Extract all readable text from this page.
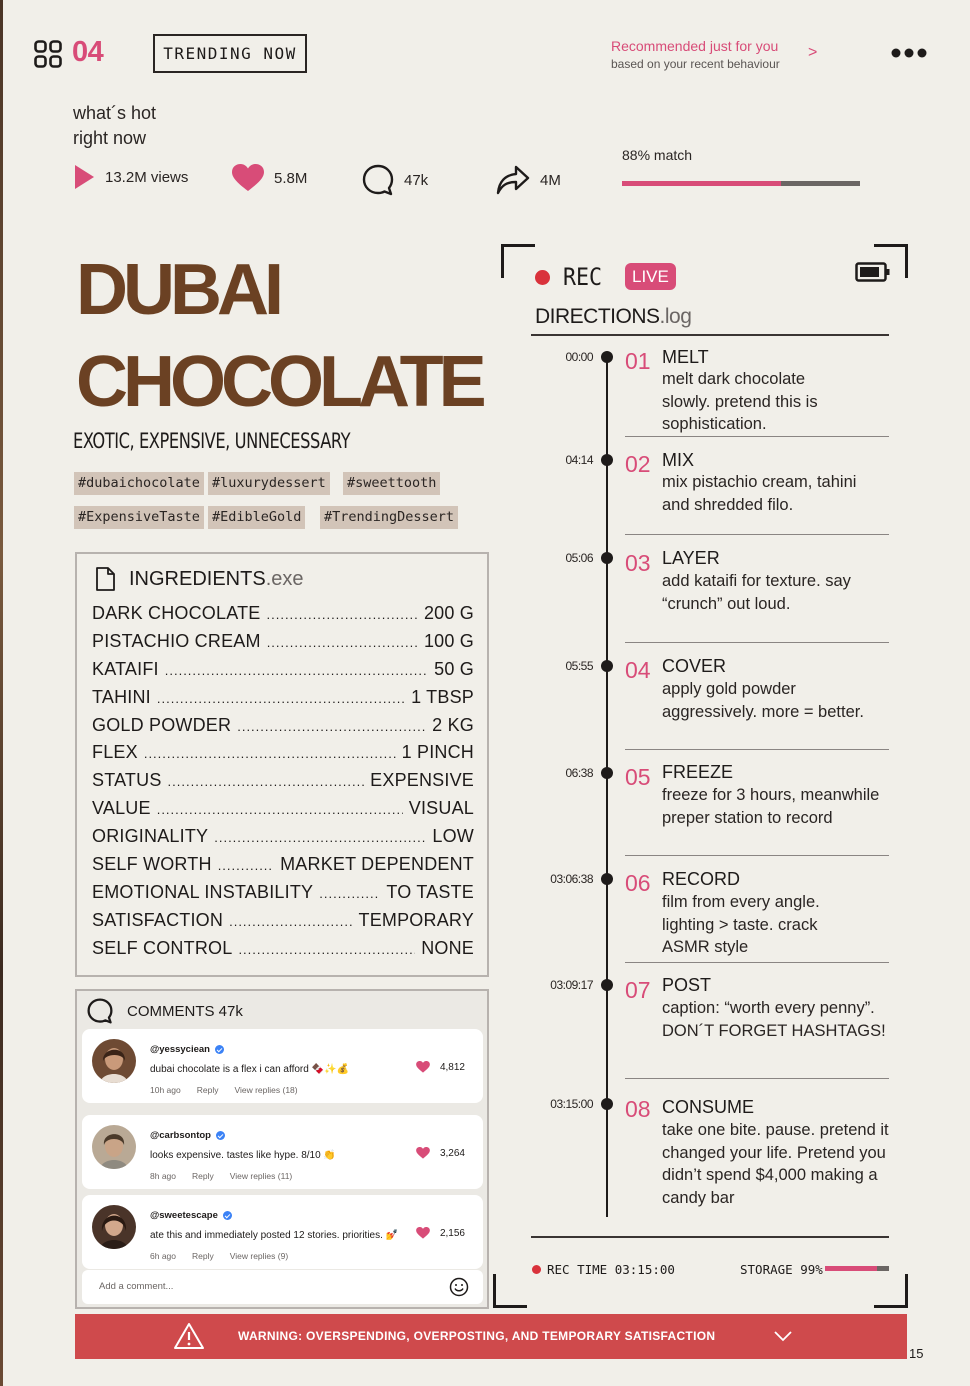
04	TRENDING NOW	Recommended just for you
based on your recent behaviour
>
what´s hot
right now
13.2M views	5.8M	47k	4M
88% match
DUBAI
CHOCOLATE
EXOTIC, EXPENSIVE, UNNECESSARY
#dubaichocolate #luxurydessert #sweettooth
#ExpensiveTaste #EdibleGold #TrendingDessert
INGREDIENTS .exe
DARK CHOCOLATE .....	200 G
PISTACHIO CREAM .....	100 G
KATAIFI .....	50 G
TAHINI .....	1 TBSP
GOLD POWDER .....	2 KG
FLEX .....	1 PINCH
STATUS .....	EXPENSIVE
VALUE .....	VISUAL
ORIGINALITY .....	LOW
SELF WORTH .....	MARKET DEPENDENT
EMOTIONAL INSTABILITY .....	TO TASTE
SATISFACTION .....	TEMPORARY
SELF CONTROL .....	NONE
COMMENTS 47k
@yessyciean
dubai chocolate is a flex i can afford 🍫✨💰
10h ago Reply View replies (18)
4,812
@carbsontop
looks expensive. tastes like hype. 8/10 👏
8h ago Reply View replies (11)
3,264
@sweetescape
ate this and immediately posted 12 stories. priorities. 💅
6h ago Reply View replies (9)
2,156
Add a comment...
REC	LIVE
DIRECTIONS.log
00:00 01 MELT
melt dark chocolate slowly. pretend this is sophistication.
04:14 02 MIX
mix pistachio cream, tahini and shredded filo.
05:06 03 LAYER
add kataifi for texture. say “crunch” out loud.
05:55 04 COVER
apply gold powder aggressively. more = better.
06:38 05 FREEZE
freeze for 3 hours, meanwhile preper station to record
03:06:38 06 RECORD
film from every angle. lighting > taste. crack ASMR style
03:09:17 07 POST
caption: “worth every penny”. DON´T FORGET HASHTAGS!
03:15:00 08 CONSUME
take one bite. pause. pretend it changed your life. Pretend you didn’t spend $4,000 making a candy bar
REC TIME 03:15:00	STORAGE 99%
WARNING: OVERSPENDING, OVERPOSTING, AND TEMPORARY SATISFACTION
15
